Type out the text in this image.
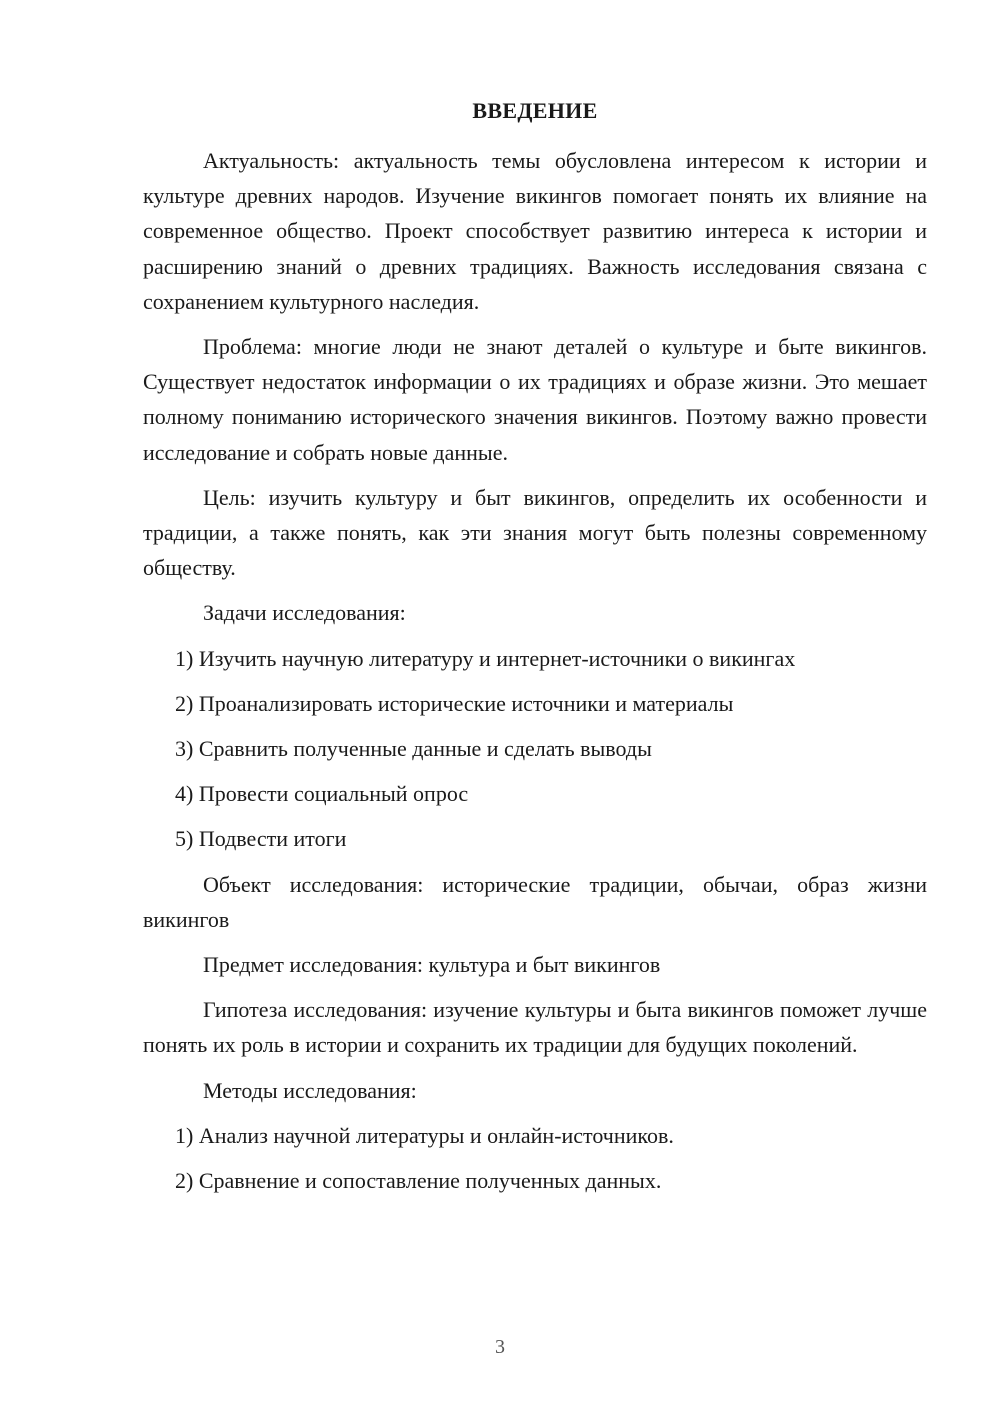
ВВЕДЕНИЕ

Актуальность: актуальность темы обусловлена интересом к истории и культуре древних народов. Изучение викингов помогает понять их влияние на современное общество. Проект способствует развитию интереса к истории и расширению знаний о древних традициях. Важность исследования связана с сохранением культурного наследия.

Проблема: многие люди не знают деталей о культуре и быте викингов. Существует недостаток информации о их традициях и образе жизни. Это мешает полному пониманию исторического значения викингов. Поэтому важно провести исследование и собрать новые данные.

Цель: изучить культуру и быт викингов, определить их особенности и традиции, а также понять, как эти знания могут быть полезны современному обществу.

Задачи исследования:

1) Изучить научную литературу и интернет-источники о викингах
2) Проанализировать исторические источники и материалы
3) Сравнить полученные данные и сделать выводы
4) Провести социальный опрос
5) Подвести итоги

Объект исследования: исторические традиции, обычаи, образ жизни викингов

Предмет исследования: культура и быт викингов

Гипотеза исследования: изучение культуры и быта викингов поможет лучше понять их роль в истории и сохранить их традиции для будущих поколений.

Методы исследования:

1) Анализ научной литературы и онлайн-источников.
2) Сравнение и сопоставление полученных данных.
3
